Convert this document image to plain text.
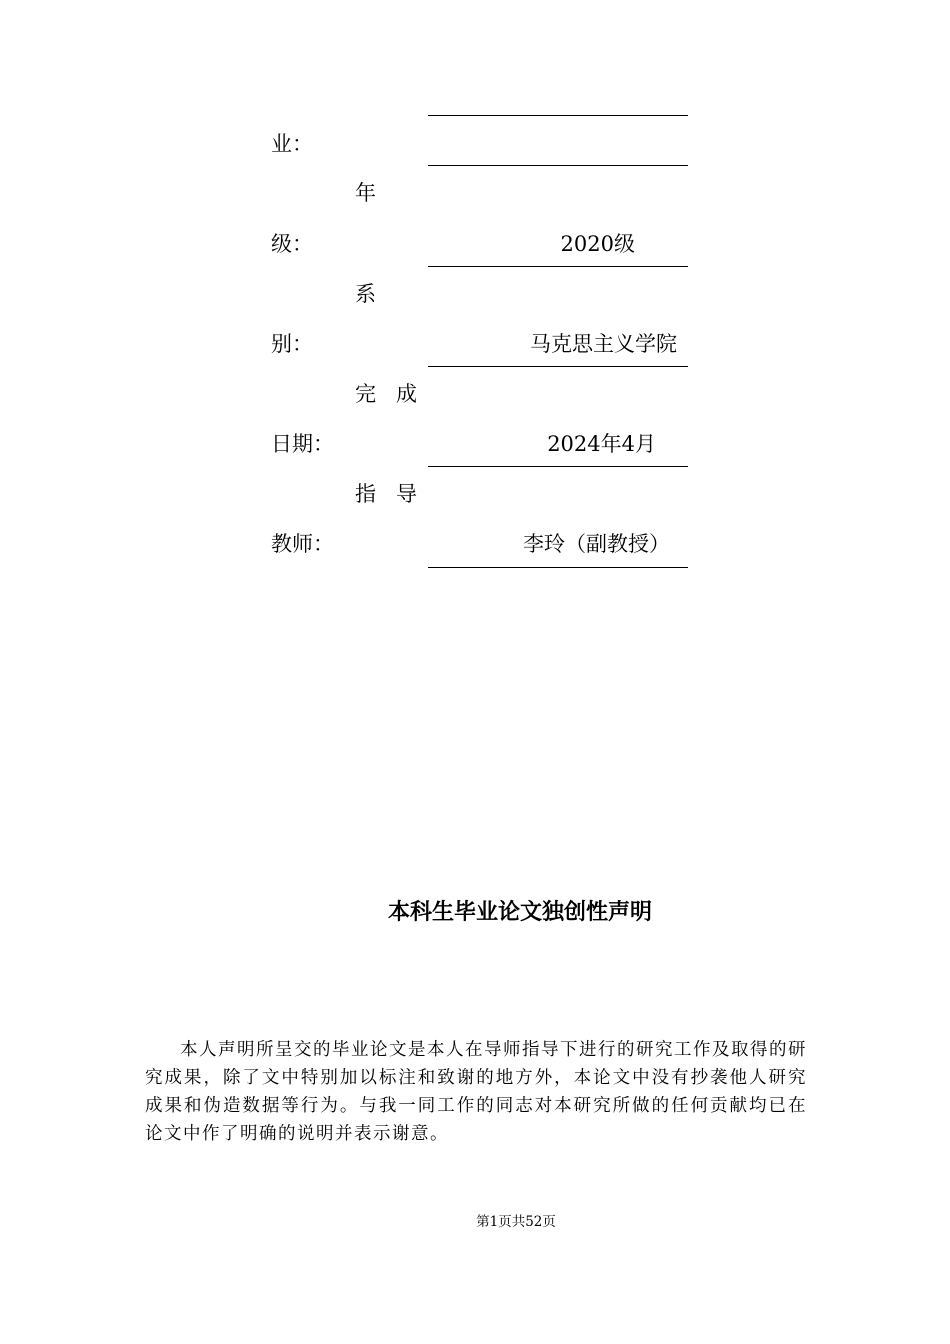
业：
年
级：	2020级
系
别：	马克思主义学院
完成
日期：	2024年4月
指导
教师：	李玲（副教授）
本科生毕业论文独创性声明

本人声明所呈交的毕业论文是本人在导师指导下进行的研究工作及取得的研究成果，除了文中特别加以标注和致谢的地方外，本论文中没有抄袭他人研究成果和伪造数据等行为。与我一同工作的同志对本研究所做的任何贡献均已在论文中作了明确的说明并表示谢意。

第1页共52页
